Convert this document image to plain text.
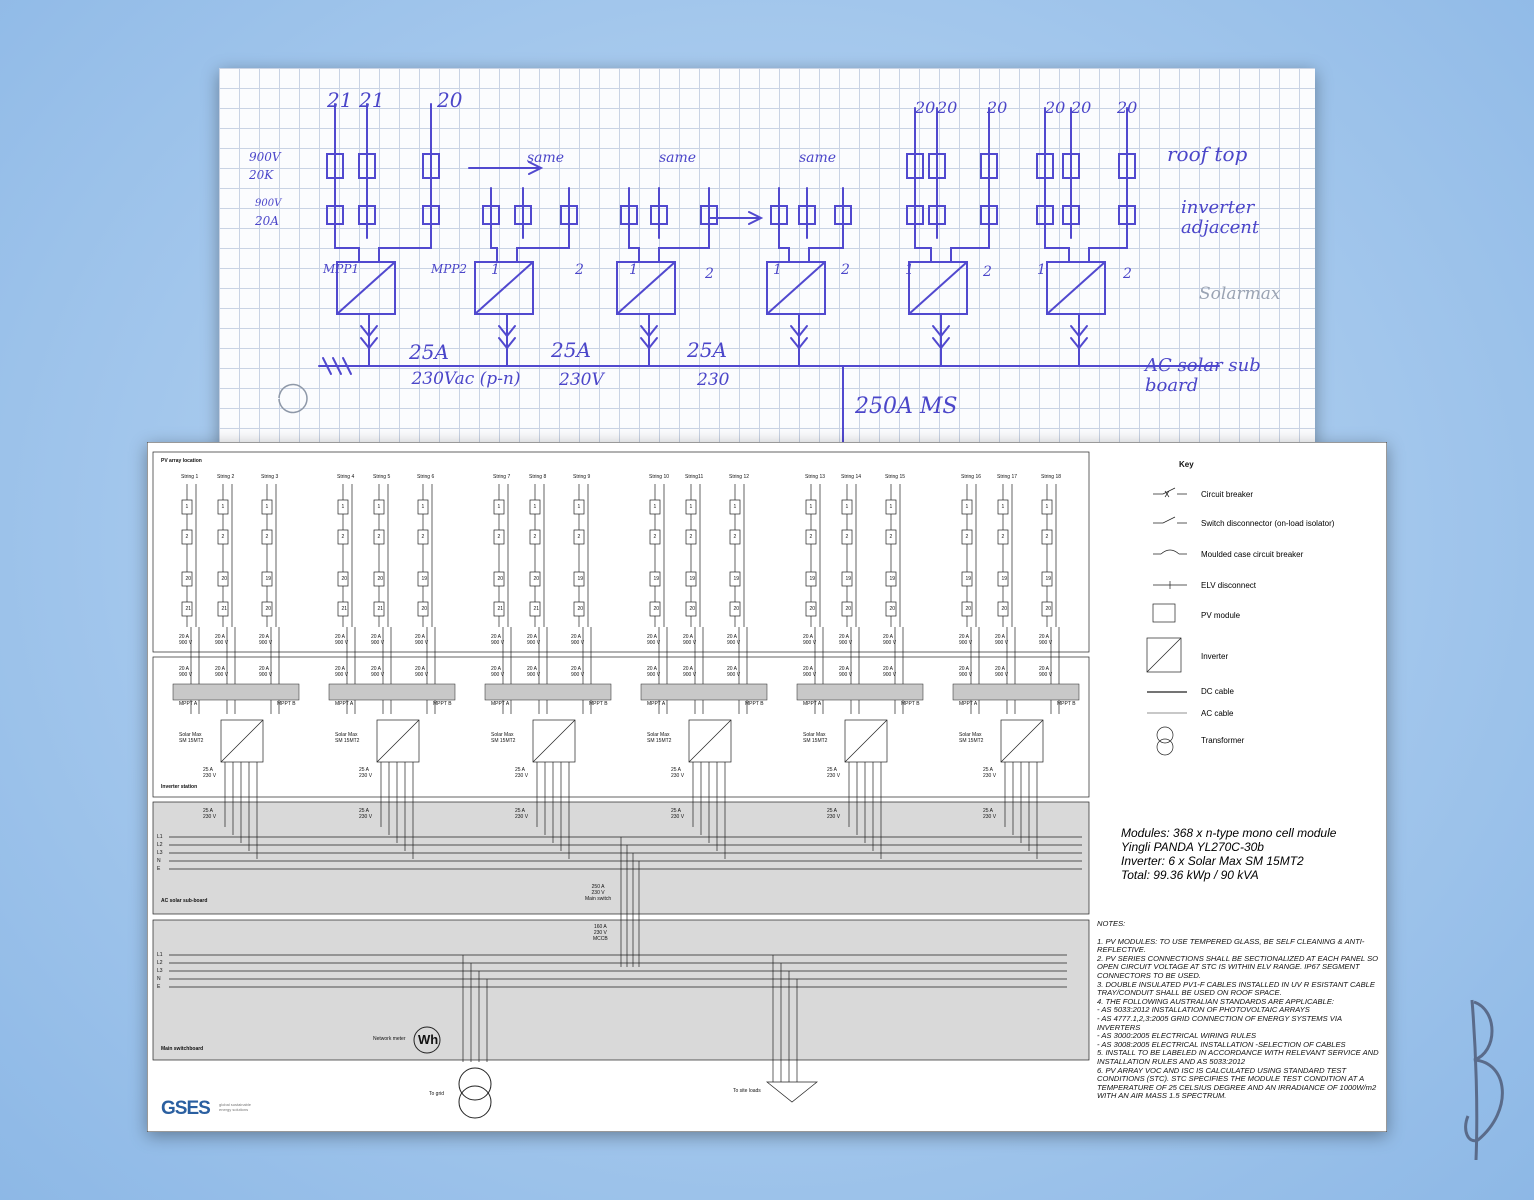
21 21	20	20 20 20 20 20 20
900V
20K
900V
20A
same	same	same
MPP1	MPP2 1	2	1	2	1	2	1	2	1	2
roof top
inverter adjacent
Solarmax
AC solar sub board
25A	25A	25A
230Vac (p-n) 230V	230
250A MS
PV array location
Inverter station
AC solar sub-board
Main switchboard
String 1
1
2
20
21
20 A
900 V
20 A
900 V
String 2
1
2
20
21
20 A
900 V
20 A
900 V
String 3
1
2
19
20
20 A
900 V
20 A
900 V
MPPT A	MPPT B
Solar Max
SM 15MT2
25 A
230 V
25 A
230 V
String 4
1
2
20
21
20 A
900 V
20 A
900 V
String 5
1
2
20
21
20 A
900 V
20 A
900 V
String 6
1
2
19
20
20 A
900 V
20 A
900 V
MPPT A	MPPT B
Solar Max
SM 15MT2
25 A
230 V
25 A
230 V
String 7
1
2
20
21
20 A
900 V
20 A
900 V
String 8
1
2
20
21
20 A
900 V
20 A
900 V
String 9
1
2
19
20
20 A
900 V
20 A
900 V
MPPT A	MPPT B
Solar Max
SM 15MT2
25 A
230 V
25 A
230 V
String 10
1
2
19
20
20 A
900 V
20 A
900 V
String11
1
2
19
20
20 A
900 V
20 A
900 V
String 12
1
2
19
20
20 A
900 V
20 A
900 V
MPPT A	MPPT B
Solar Max
SM 15MT2
25 A
230 V
25 A
230 V
String 13
1
2
19
20
20 A
900 V
20 A
900 V
String 14
1
2
19
20
20 A
900 V
20 A
900 V
String 15
1
2
19
20
20 A
900 V
20 A
900 V
MPPT A	MPPT B
Solar Max
SM 15MT2
25 A
230 V
25 A
230 V
String 16
1
2
19
20
20 A
900 V
20 A
900 V
String 17
1
2
19
20
20 A
900 V
20 A
900 V
String 18
1
2
19
20
20 A
900 V
20 A
900 V
MPPT A	MPPT B
Solar Max
SM 15MT2
25 A
230 V
25 A
230 V
L1
L2
L3
N
E
L1
L2
L3
N
E
250 A
230 V
Main switch
160 A
230 V
MCCB
Network meter Wh
To grid	To site loads
GSES global sustainable energy solutions
Key
Circuit breaker
Switch disconnector (on-load isolator)
Moulded case circuit breaker
ELV disconnect
PV module
Inverter
DC cable
AC cable
Transformer
Modules: 368 x n-type mono cell module
Yingli PANDA YL270C-30b
Inverter: 6 x Solar Max SM 15MT2
Total: 99.36 kWp / 90 kVA
NOTES:
1. PV MODULES: TO USE TEMPERED GLASS, BE SELF CLEANING & ANTI-REFLECTIVE.
2. PV SERIES CONNECTIONS SHALL BE SECTIONALIZED AT EACH PANEL SO OPEN CIRCUIT VOLTAGE AT STC IS WITHIN ELV RANGE. IP67 SEGMENT CONNECTORS TO BE USED.
3. DOUBLE INSULATED PV1-F CABLES INSTALLED IN UV R ESISTANT CABLE TRAY/CONDUIT SHALL BE USED ON ROOF SPACE.
4. THE FOLLOWING AUSTRALIAN STANDARDS ARE APPLICABLE:
- AS 5033:2012 INSTALLATION OF PHOTOVOLTAIC ARRAYS
- AS 4777.1,2,3:2005 GRID CONNECTION OF ENERGY SYSTEMS VIA INVERTERS
- AS 3000:2005 ELECTRICAL WIRING RULES
- AS 3008:2005 ELECTRICAL INSTALLATION -SELECTION OF CABLES
5. INSTALL TO BE LABELED IN ACCORDANCE WITH RELEVANT SERVICE AND INSTALLATION RULES AND AS 5033:2012
6. PV ARRAY VOC AND ISC IS CALCULATED USING STANDARD TEST CONDITIONS (STC). STC SPECIFIES THE MODULE TEST CONDITION AT A TEMPERATURE OF 25 CELSIUS DEGREE AND AN IRRADIANCE OF 1000W/m2 WITH AN AIR MASS 1.5 SPECTRUM.
